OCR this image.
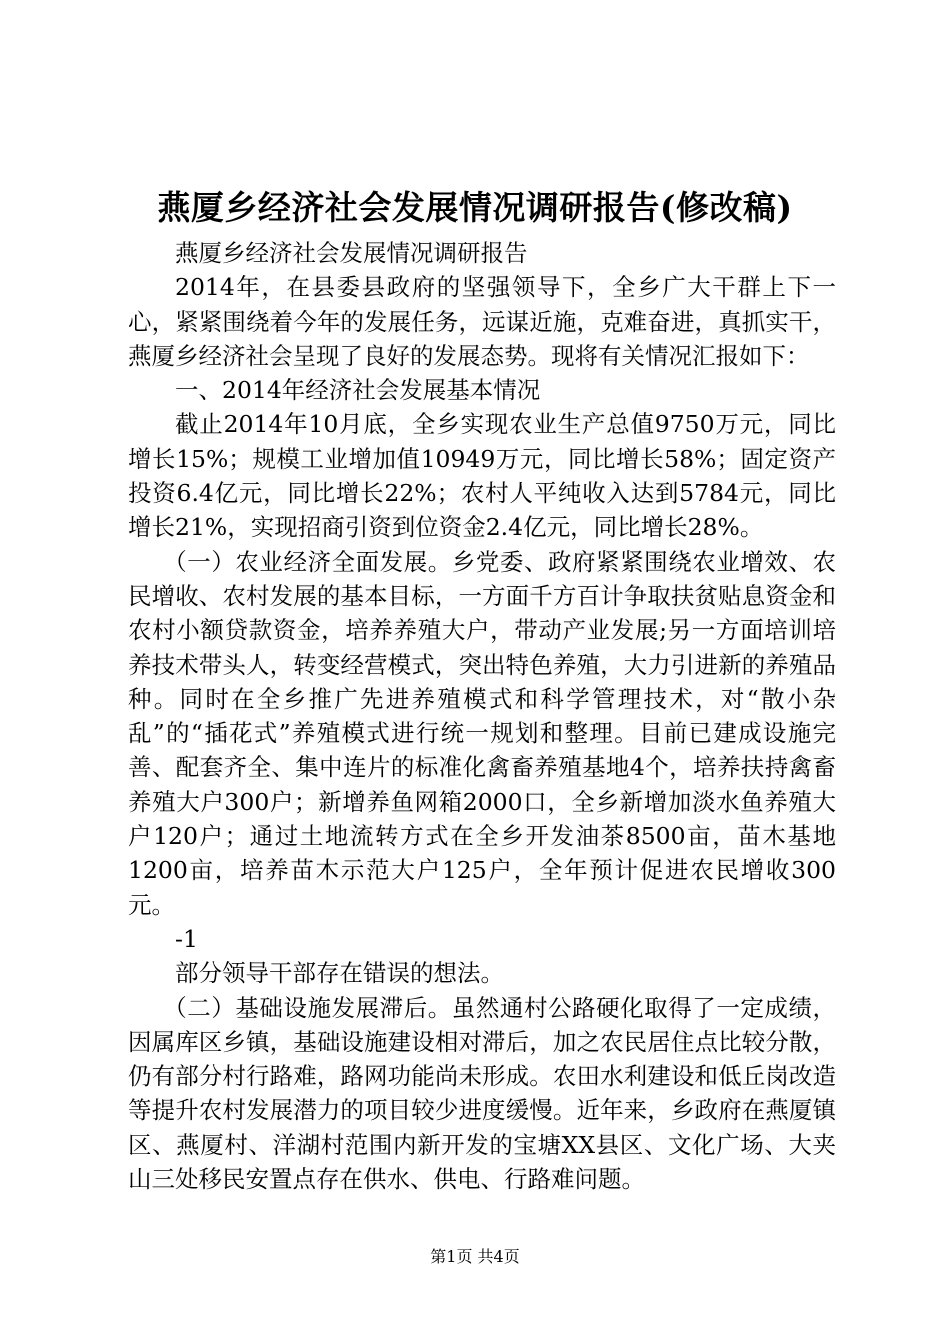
燕厦乡经济社会发展情况调研报告(修改稿)

燕厦乡经济社会发展情况调研报告

2014年，在县委县政府的坚强领导下，全乡广大干群上下一心，紧紧围绕着今年的发展任务，远谋近施，克难奋进，真抓实干，燕厦乡经济社会呈现了良好的发展态势。现将有关情况汇报如下：

一、2014年经济社会发展基本情况

截止2014年10月底，全乡实现农业生产总值9750万元，同比增长15%；规模工业增加值10949万元，同比增长58%；固定资产投资6.4亿元，同比增长22%；农村人平纯收入达到5784元，同比增长21%，实现招商引资到位资金2.4亿元，同比增长28%。

（一）农业经济全面发展。乡党委、政府紧紧围绕农业增效、农民增收、农村发展的基本目标，一方面千方百计争取扶贫贴息资金和农村小额贷款资金，培养养殖大户，带动产业发展;另一方面培训培养技术带头人，转变经营模式，突出特色养殖，大力引进新的养殖品种。同时在全乡推广先进养殖模式和科学管理技术，对“散小杂乱”的“插花式”养殖模式进行统一规划和整理。目前已建成设施完善、配套齐全、集中连片的标准化禽畜养殖基地4个，培养扶持禽畜养殖大户300户；新增养鱼网箱2000口，全乡新增加淡水鱼养殖大户120户；通过土地流转方式在全乡开发油茶8500亩，苗木基地1200亩，培养苗木示范大户125户，全年预计促进农民增收300元。

-1

部分领导干部存在错误的想法。

（二）基础设施发展滞后。虽然通村公路硬化取得了一定成绩，因属库区乡镇，基础设施建设相对滞后，加之农民居住点比较分散，仍有部分村行路难，路网功能尚未形成。农田水利建设和低丘岗改造等提升农村发展潜力的项目较少进度缓慢。近年来，乡政府在燕厦镇区、燕厦村、洋湖村范围内新开发的宝塘XX县区、文化广场、大夹山三处移民安置点存在供水、供电、行路难问题。

第1页 共4页
